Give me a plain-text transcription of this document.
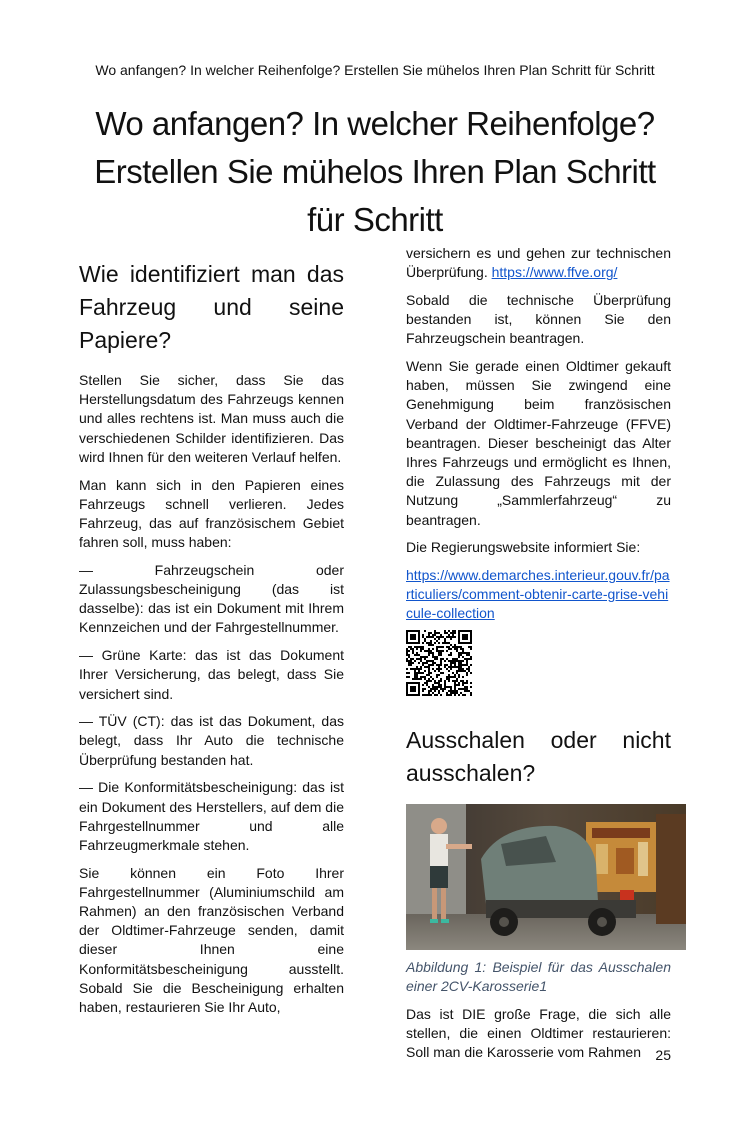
Wo anfangen? In welcher Reihenfolge? Erstellen Sie mühelos Ihren Plan Schritt für Schritt
Wo anfangen? In welcher Reihenfolge? Erstellen Sie mühelos Ihren Plan Schritt für Schritt
Wie identifiziert man das Fahrzeug und seine Papiere?

Stellen Sie sicher, dass Sie das Herstellungsdatum des Fahrzeugs kennen und alles rechtens ist. Man muss auch die verschiedenen Schilder identifizieren. Das wird Ihnen für den weiteren Verlauf helfen.

Man kann sich in den Papieren eines Fahrzeugs schnell verlieren. Jedes Fahrzeug, das auf französischem Gebiet fahren soll, muss haben:

— Fahrzeugschein oder Zulassungsbescheinigung (das ist dasselbe): das ist ein Dokument mit Ihrem Kennzeichen und der Fahrgestellnummer.

— Grüne Karte: das ist das Dokument Ihrer Versicherung, das belegt, dass Sie versichert sind.

— TÜV (CT): das ist das Dokument, das belegt, dass Ihr Auto die technische Überprüfung bestanden hat.

— Die Konformitätsbescheinigung: das ist ein Dokument des Herstellers, auf dem die Fahrgestellnummer und alle Fahrzeugmerkmale stehen.

Sie können ein Foto Ihrer Fahrgestellnummer (Aluminiumschild am Rahmen) an den französischen Verband der Oldtimer-Fahrzeuge senden, damit dieser Ihnen eine Konformitätsbescheinigung ausstellt. Sobald Sie die Bescheinigung erhalten haben, restaurieren Sie Ihr Auto,

versichern es und gehen zur technischen Überprüfung. https://www.ffve.org/

Sobald die technische Überprüfung bestanden ist, können Sie den Fahrzeugschein beantragen.

Wenn Sie gerade einen Oldtimer gekauft haben, müssen Sie zwingend eine Genehmigung beim französischen Verband der Oldtimer-Fahrzeuge (FFVE) beantragen. Dieser bescheinigt das Alter Ihres Fahrzeugs und ermöglicht es Ihnen, die Zulassung des Fahrzeugs mit der Nutzung „Sammlerfahrzeug“ zu beantragen.

Die Regierungswebsite informiert Sie:

https://www.demarches.interieur.gouv.fr/particuliers/comment-obtenir-carte-grise-vehicule-collection

Ausschalen oder nicht ausschalen?

Abbildung 1: Beispiel für das Ausschalen einer 2CV-Karosserie1

Das ist DIE große Frage, die sich alle stellen, die einen Oldtimer restaurieren: Soll man die Karosserie vom Rahmen	25
